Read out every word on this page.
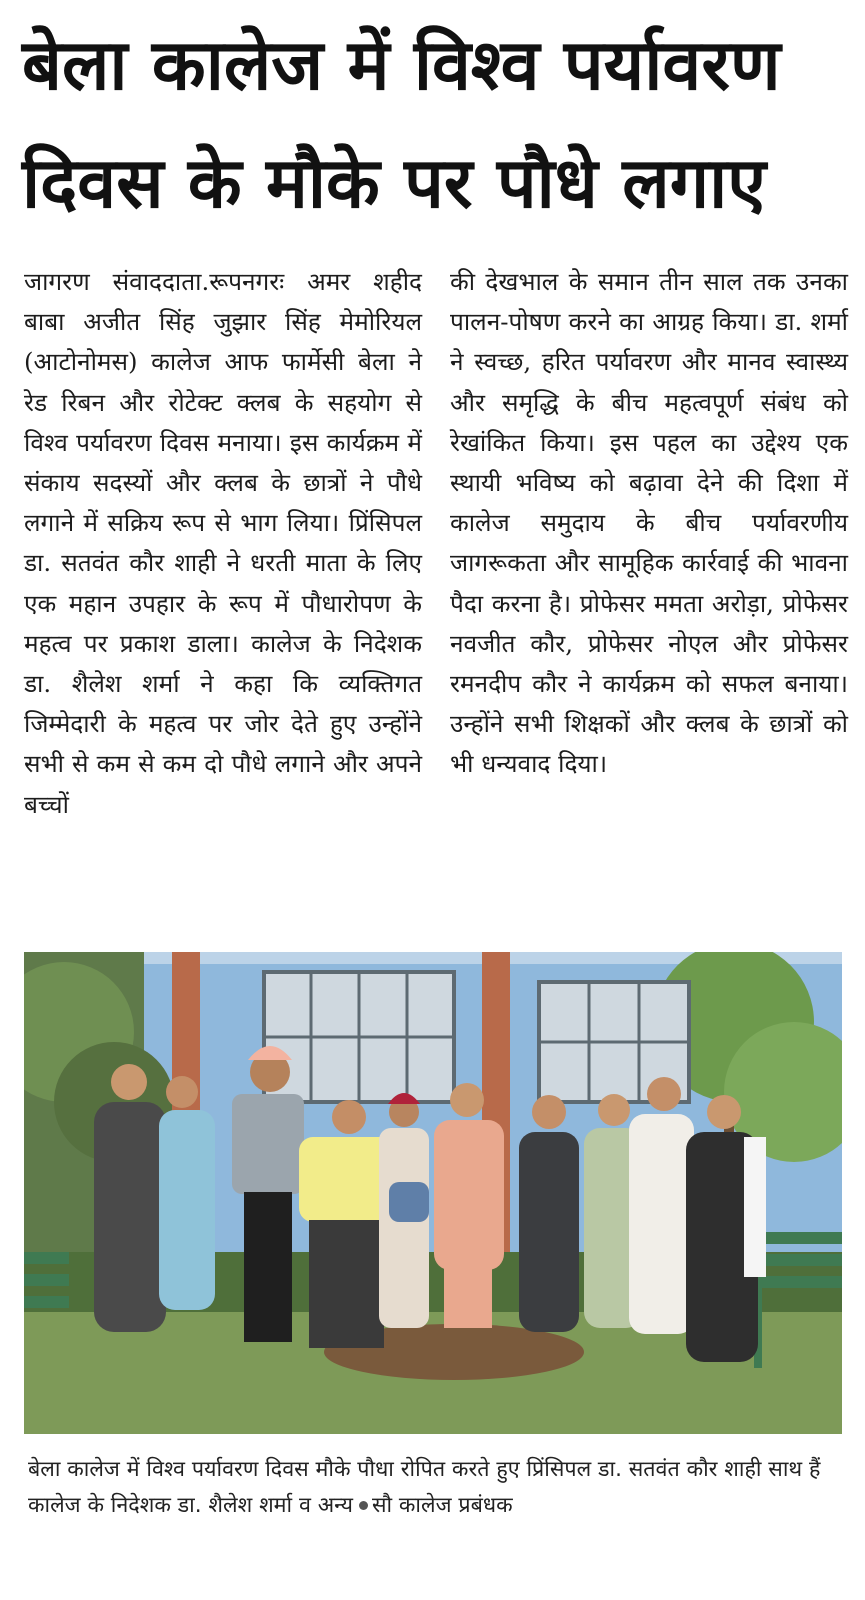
बेला कालेज में विश्व पर्यावरण
दिवस के मौके पर पौधे लगाए
जागरण संवाददाता.रूपनगरः अमर शहीद बाबा अजीत सिंह जुझार सिंह मेमोरियल (आटोनोमस) कालेज आफ फार्मेसी बेला ने रेड रिबन और रोटेक्ट क्लब के सहयोग से विश्व पर्यावरण दिवस मनाया। इस कार्यक्रम में संकाय सदस्यों और क्लब के छात्रों ने पौधे लगाने में सक्रिय रूप से भाग लिया। प्रिंसिपल डा. सतवंत कौर शाही ने धरती माता के लिए एक महान उपहार के रूप में पौधारोपण के महत्व पर प्रकाश डाला। कालेज के निदेशक डा. शैलेश शर्मा ने कहा कि व्यक्तिगत जिम्मेदारी के महत्व पर जोर देते हुए उन्होंने सभी से कम से कम दो पौधे लगाने और अपने बच्चों
की देखभाल के समान तीन साल तक उनका पालन-पोषण करने का आग्रह किया। डा. शर्मा ने स्वच्छ, हरित पर्यावरण और मानव स्वास्थ्य और समृद्धि के बीच महत्वपूर्ण संबंध को रेखांकित किया। इस पहल का उद्देश्य एक स्थायी भविष्य को बढ़ावा देने की दिशा में कालेज समुदाय के बीच पर्यावरणीय जागरूकता और सामूहिक कार्रवाई की भावना पैदा करना है। प्रोफेसर ममता अरोड़ा, प्रोफेसर नवजीत कौर, प्रोफेसर नोएल और प्रोफेसर रमनदीप कौर ने कार्यक्रम को सफल बनाया। उन्होंने सभी शिक्षकों और क्लब के छात्रों को भी धन्यवाद दिया।
बेला कालेज में विश्व पर्यावरण दिवस मौके पौधा रोपित करते हुए प्रिंसिपल डा. सतवंत कौर शाही साथ हैं कालेज के निदेशक डा. शैलेश शर्मा व अन्य सौ कालेज प्रबंधक
